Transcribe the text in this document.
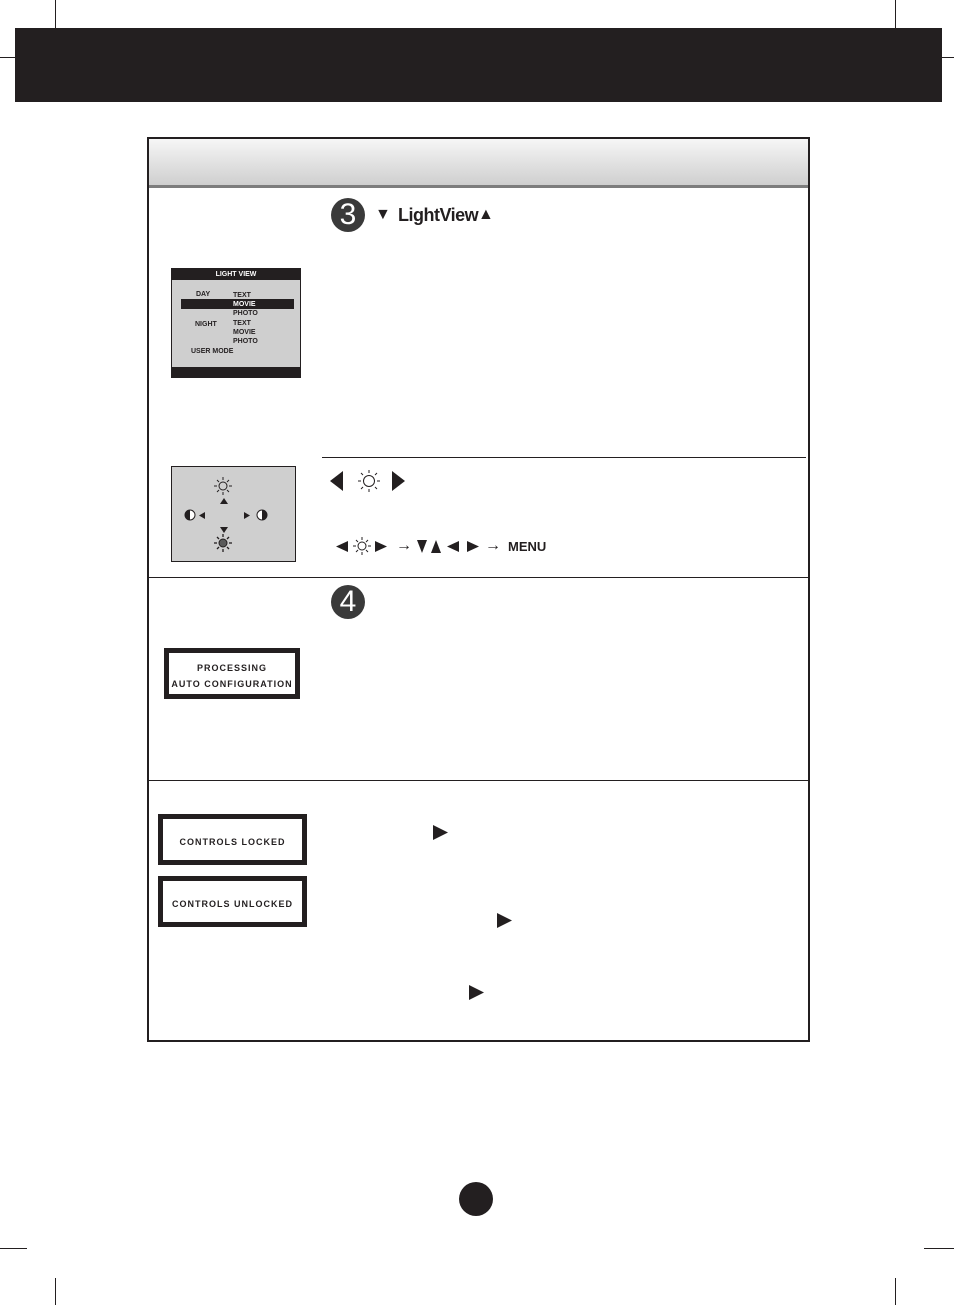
3	▼ LightView ▲
LIGHT VIEW
DAY	TEXT
MOVIE
PHOTO
NIGHT TEXT
MOVIE
PHOTO
USER MODE
→	→ MENU
4
PROCESSING
AUTO CONFIGURATION
CONTROLS LOCKED
CONTROLS UNLOCKED
